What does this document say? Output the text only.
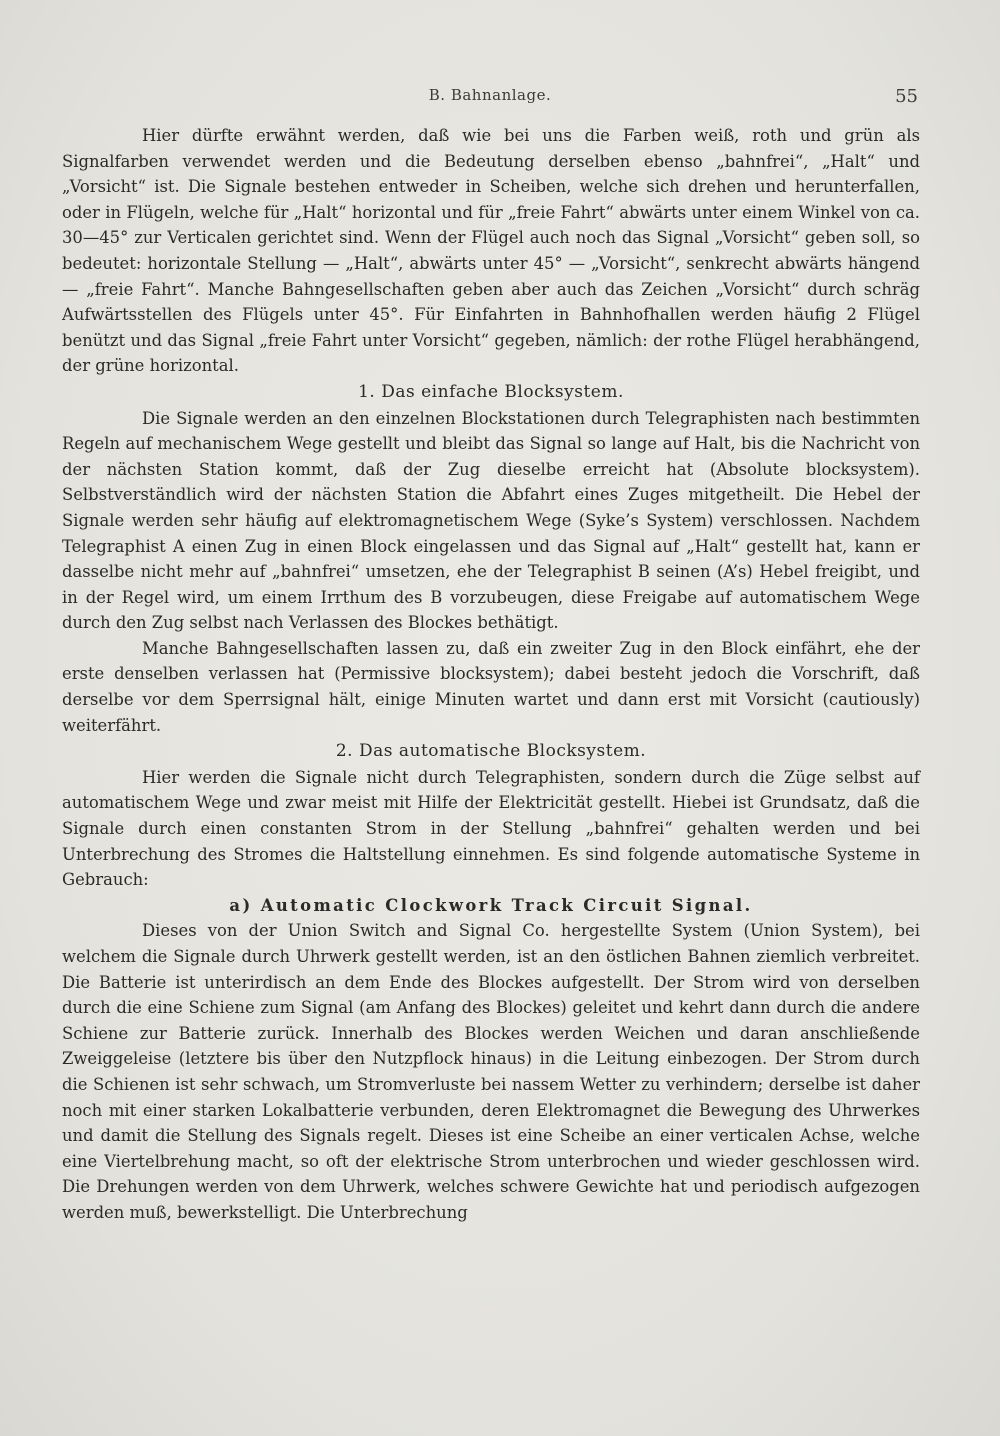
B. Bahnanlage.	55

Hier dürfte erwähnt werden, daß wie bei uns die Farben weiß, roth und grün als Signalfarben verwendet werden und die Bedeutung derselben ebenso „bahnfrei“, „Halt“ und „Vorsicht“ ist. Die Signale bestehen entweder in Scheiben, welche sich drehen und herunterfallen, oder in Flügeln, welche für „Halt“ horizontal und für „freie Fahrt“ abwärts unter einem Winkel von ca. 30—45° zur Verticalen gerichtet sind. Wenn der Flügel auch noch das Signal „Vorsicht“ geben soll, so bedeutet: horizontale Stellung — „Halt“, abwärts unter 45° — „Vorsicht“, senkrecht abwärts hängend — „freie Fahrt“. Manche Bahngesellschaften geben aber auch das Zeichen „Vorsicht“ durch schräg Aufwärtsstellen des Flügels unter 45°. Für Einfahrten in Bahnhofhallen werden häufig 2 Flügel benützt und das Signal „freie Fahrt unter Vorsicht“ gegeben, nämlich: der rothe Flügel herabhängend, der grüne horizontal.

1. Das einfache Blocksystem.

Die Signale werden an den einzelnen Blockstationen durch Telegraphisten nach bestimmten Regeln auf mechanischem Wege gestellt und bleibt das Signal so lange auf Halt, bis die Nachricht von der nächsten Station kommt, daß der Zug dieselbe erreicht hat (Absolute blocksystem). Selbstverständlich wird der nächsten Station die Abfahrt eines Zuges mitgetheilt. Die Hebel der Signale werden sehr häufig auf elektromagnetischem Wege (Syke’s System) verschlossen. Nachdem Telegraphist A einen Zug in einen Block eingelassen und das Signal auf „Halt“ gestellt hat, kann er dasselbe nicht mehr auf „bahnfrei“ umsetzen, ehe der Telegraphist B seinen (A’s) Hebel freigibt, und in der Regel wird, um einem Irrthum des B vorzubeugen, diese Freigabe auf automatischem Wege durch den Zug selbst nach Verlassen des Blockes bethätigt.

Manche Bahngesellschaften lassen zu, daß ein zweiter Zug in den Block einfährt, ehe der erste denselben verlassen hat (Permissive blocksystem); dabei besteht jedoch die Vorschrift, daß derselbe vor dem Sperrsignal hält, einige Minuten wartet und dann erst mit Vorsicht (cautiously) weiterfährt.

2. Das automatische Blocksystem.

Hier werden die Signale nicht durch Telegraphisten, sondern durch die Züge selbst auf automatischem Wege und zwar meist mit Hilfe der Elektricität gestellt. Hiebei ist Grundsatz, daß die Signale durch einen constanten Strom in der Stellung „bahnfrei“ gehalten werden und bei Unterbrechung des Stromes die Haltstellung einnehmen. Es sind folgende automatische Systeme in Gebrauch:

a) Automatic Clockwork Track Circuit Signal.

Dieses von der Union Switch and Signal Co. hergestellte System (Union System), bei welchem die Signale durch Uhrwerk gestellt werden, ist an den östlichen Bahnen ziemlich verbreitet. Die Batterie ist unterirdisch an dem Ende des Blockes aufgestellt. Der Strom wird von derselben durch die eine Schiene zum Signal (am Anfang des Blockes) geleitet und kehrt dann durch die andere Schiene zur Batterie zurück. Innerhalb des Blockes werden Weichen und daran anschließende Zweiggeleise (letztere bis über den Nutzpflock hinaus) in die Leitung einbezogen. Der Strom durch die Schienen ist sehr schwach, um Stromverluste bei nassem Wetter zu verhindern; derselbe ist daher noch mit einer starken Lokalbatterie verbunden, deren Elektromagnet die Bewegung des Uhrwerkes und damit die Stellung des Signals regelt. Dieses ist eine Scheibe an einer verticalen Achse, welche eine Viertelbrehung macht, so oft der elektrische Strom unterbrochen und wieder geschlossen wird. Die Drehungen werden von dem Uhrwerk, welches schwere Gewichte hat und periodisch aufgezogen werden muß, bewerkstelligt. Die Unterbrechung
